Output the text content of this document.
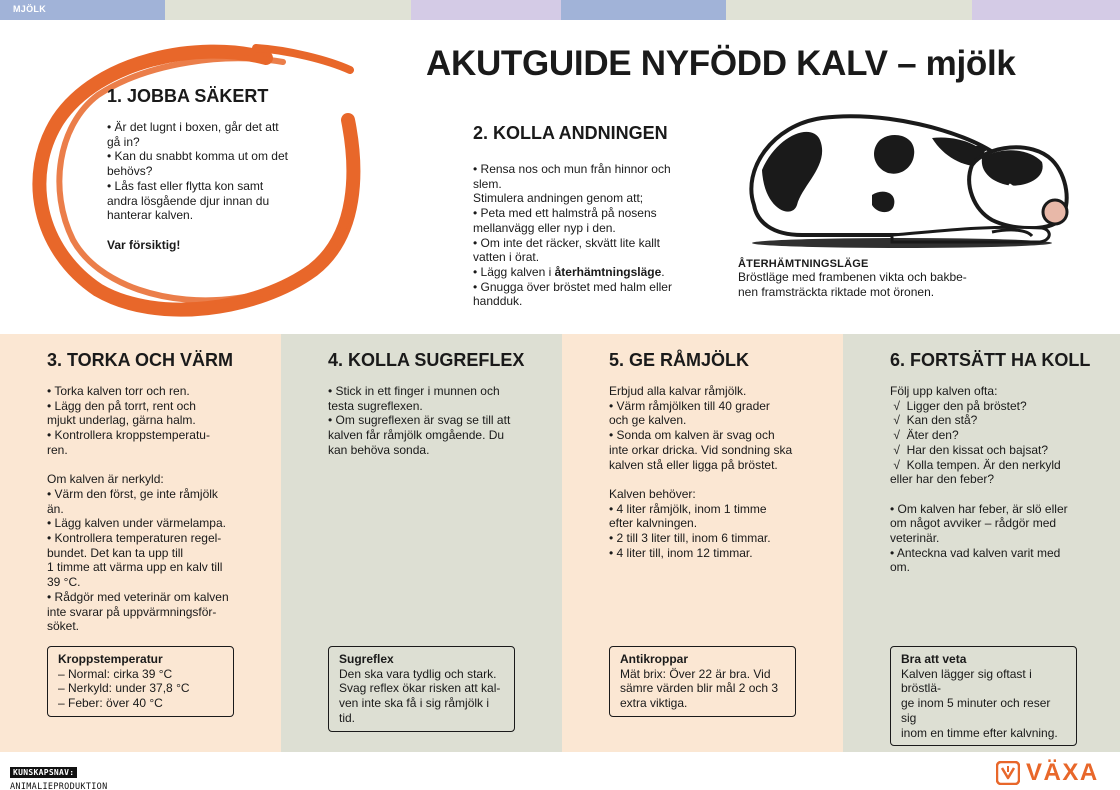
MJÖLK
AKUTGUIDE NYFÖDD KALV – mjölk
1. JOBBA SÄKERT
• Är det lugnt i boxen, går det att
gå in?
• Kan du snabbt komma ut om det
behövs?
• Lås fast eller flytta kon samt
andra lösgående djur innan du
hanterar kalven.
Var försiktig!
2. KOLLA ANDNINGEN
• Rensa nos och mun från hinnor och
slem.
Stimulera andningen genom att;
• Peta med ett halmstrå på nosens
mellanvägg eller nyp i den.
• Om inte det räcker, skvätt lite kallt
vatten i örat.
• Lägg kalven i återhämtningsläge.
• Gnugga över bröstet med halm eller
handduk.
ÅTERHÄMTNINGSLÄGE
Bröstläge med frambenen vikta och bakbe-
nen framsträckta riktade mot öronen.
3. TORKA OCH VÄRM
• Torka kalven torr och ren.
• Lägg den på torrt, rent och
mjukt underlag, gärna halm.
• Kontrollera kroppstemperatu-
ren.

Om kalven är nerkyld:
• Värm den först, ge inte råmjölk än.
• Lägg kalven under värmelampa.
• Kontrollera temperaturen regel-
bundet. Det kan ta upp till
1 timme att värma upp en kalv till
39 °C.
• Rådgör med veterinär om kalven
inte svarar på uppvärmningsför-
söket.
Kroppstemperatur
– Normal: cirka 39 °C
– Nerkyld: under 37,8 °C
– Feber: över 40 °C
4. KOLLA SUGREFLEX
• Stick in ett finger i munnen och
testa sugreflexen.
• Om sugreflexen är svag se till att
kalven får råmjölk omgående. Du
kan behöva sonda.
Sugreflex
Den ska vara tydlig och stark.
Svag reflex ökar risken att kal-
ven inte ska få i sig råmjölk i tid.
5. GE RÅMJÖLK
Erbjud alla kalvar råmjölk.
• Värm råmjölken till 40 grader
och ge kalven.
• Sonda om kalven är svag och
inte orkar dricka. Vid sondning ska
kalven stå eller ligga på bröstet.

Kalven behöver:
• 4 liter råmjölk, inom 1 timme
efter kalvningen.
• 2 till 3 liter till, inom 6 timmar.
• 4 liter till, inom 12 timmar.
Antikroppar
Mät brix: Över 22 är bra. Vid
sämre värden blir mål 2 och 3
extra viktiga.
6. FORTSÄTT HA KOLL
Följ upp kalven ofta:
√  Ligger den på bröstet?
√  Kan den stå?
√  Äter den?
√  Har den kissat och bajsat?
√  Kolla tempen. Är den nerkyld
eller har den feber?

• Om kalven har feber, är slö eller
om något avviker – rådgör med
veterinär.
• Anteckna vad kalven varit med
om.
Bra att veta
Kalven lägger sig oftast i bröstlä-
ge inom 5 minuter och reser sig
inom en timme efter kalvning.
KUNSKAPSNAV:
ANIMALIEPRODUKTION
VÄXA
